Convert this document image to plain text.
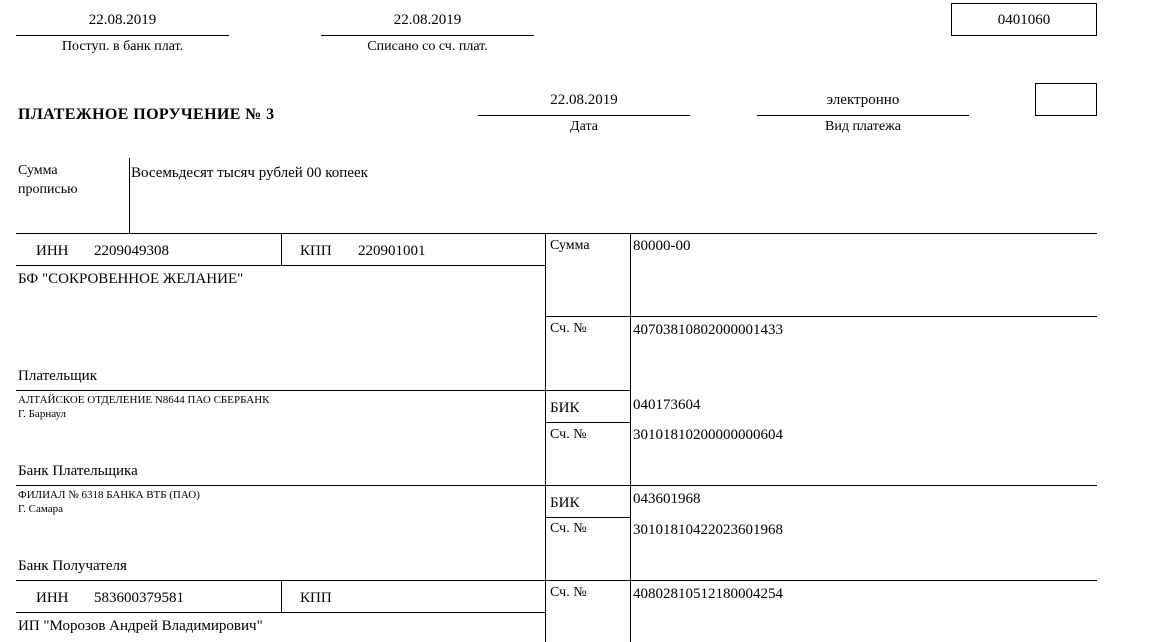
22.08.2019
Поступ. в банк плат.
22.08.2019
Списано со сч. плат.
0401060
ПЛАТЕЖНОЕ ПОРУЧЕНИЕ № 3
22.08.2019
Дата
электронно
Вид платежа
Сумма
прописью
Восемьдесят тысяч рублей 00 копеек
ИНН 2209049308	КПП 220901001
БФ "СОКРОВЕННОЕ ЖЕЛАНИЕ"
Плательщик
Сумма	80000-00
Сч. №	40703810802000001433
АЛТАЙСКОЕ ОТДЕЛЕНИЕ N8644 ПАО СБЕРБАНК
Г. Барнаул
Банк Плательщика
БИК	040173604
Сч. №	30101810200000000604
ФИЛИАЛ № 6318 БАНКА ВТБ (ПАО)
Г. Самара
Банк Получателя
БИК	043601968
Сч. №	30101810422023601968
ИНН 583600379581	КПП
ИП "Морозов Андрей Владимирович"
Сч. №	40802810512180004254
